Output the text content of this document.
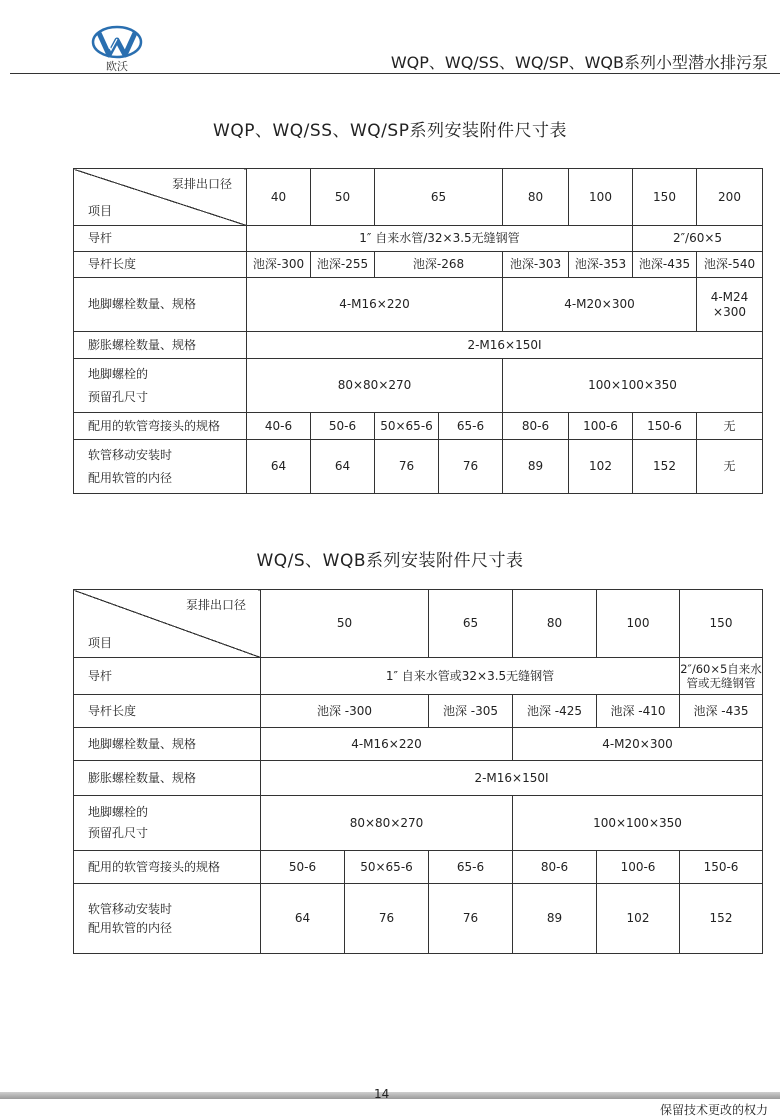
欧沃	WQP、WQ/SS、WQ/SP、WQB系列小型潜水排污泵
WQP、WQ/SS、WQ/SP系列安装附件尺寸表
泵排出口径
项目	40	50	65		80	100	150	200
导杆	1″ 自来水管/32×3.5无缝钢管						2″/60×5	
导杆长度	池深-300	池深-255	池深-268		池深-303	池深-353	池深-435	池深-540
地脚螺栓数量、规格	4-M16×220				4-M20×300			4-M24
×300

膨胀螺栓数量、规格	2-M16×150Ⅰ							

地脚螺栓的
预留孔尺寸	80×80×270				100×100×350			
配用的软管弯接头的规格	40-6	50-6	50×65-6	65-6	80-6	100-6	150-6	无

软管移动安装时
配用软管的内径	64	64	76	76	89	102	152	无
WQ/S、WQB系列安装附件尺寸表
泵排出口径
项目	50		65	80	100	150
导杆	1″ 自来水管或32×3.5无缝钢管					2″/60×5自来水
管或无缝钢管

导杆长度	池深 -300		池深 -305	池深 -425	池深 -410	池深 -435
地脚螺栓数量、规格	4-M16×220			4-M20×300		
膨胀螺栓数量、规格	2-M16×150Ⅰ					

地脚螺栓的
预留孔尺寸	80×80×270			100×100×350		
配用的软管弯接头的规格	50-6	50×65-6	65-6	80-6	100-6	150-6

软管移动安装时
配用软管的内径	64	76	76	89	102	152
14
保留技术更改的权力
